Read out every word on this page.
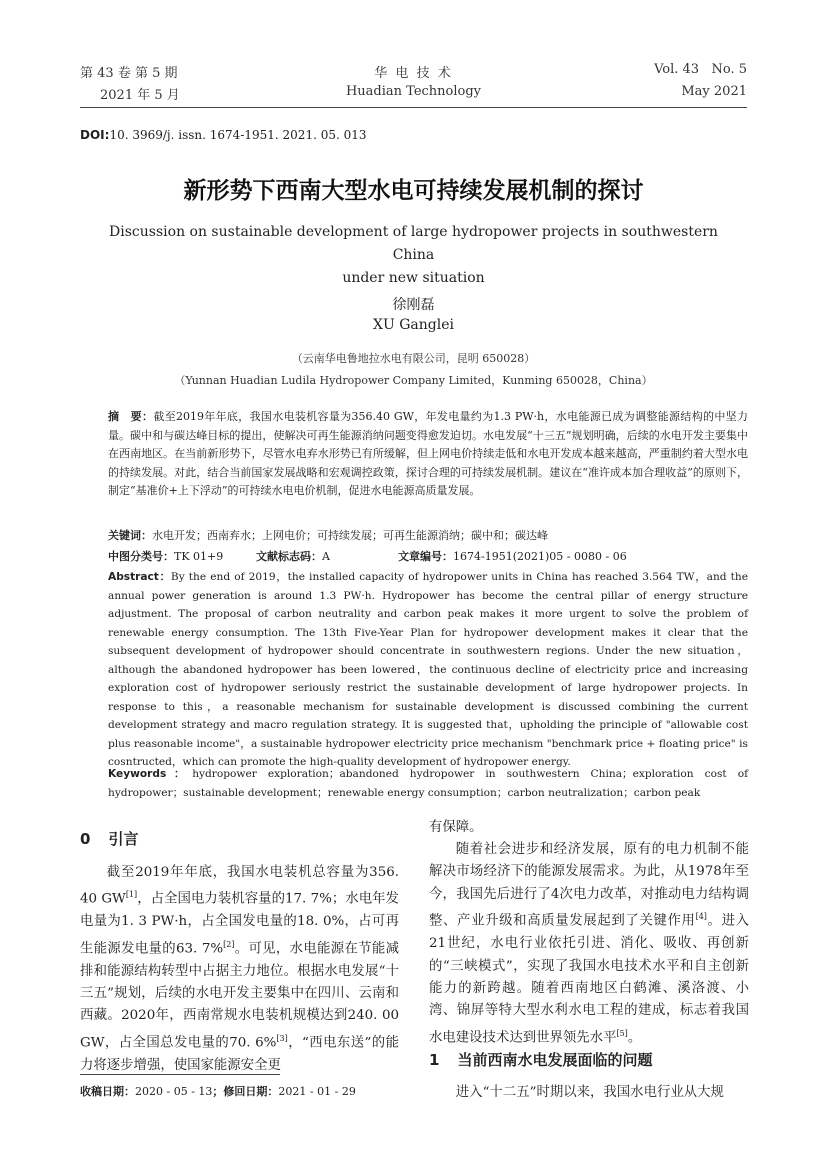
第 43 卷 第 5 期
2021 年 5 月
华 电 技 术
Huadian Technology
Vol. 43   No. 5
May 2021
DOI:10. 3969/j. issn. 1674-1951. 2021. 05. 013
新形势下西南大型水电可持续发展机制的探讨
Discussion on sustainable development of large hydropower projects in southwestern China
under new situation
徐刚磊
XU Ganglei
（云南华电鲁地拉水电有限公司，昆明 650028）
（Yunnan Huadian Ludila Hydropower Company Limited，Kunming 650028，China）
摘　要：截至2019年年底，我国水电装机容量为356.40 GW，年发电量约为1.3 PW·h，水电能源已成为调整能源结构的中坚力量。碳中和与碳达峰目标的提出，使解决可再生能源消纳问题变得愈发迫切。水电发展“十三五”规划明确，后续的水电开发主要集中在西南地区。在当前新形势下，尽管水电弃水形势已有所缓解，但上网电价持续走低和水电开发成本越来越高，严重制约着大型水电的持续发展。对此，结合当前国家发展战略和宏观调控政策，探讨合理的可持续发展机制。建议在“准许成本加合理收益”的原则下，制定“基准价+上下浮动”的可持续水电电价机制，促进水电能源高质量发展。
关键词：水电开发；西南弃水；上网电价；可持续发展；可再生能源消纳；碳中和；碳达峰
中图分类号：TK 01+9	文献标志码：A	文章编号：1674-1951(2021)05 - 0080 - 06
Abstract：By the end of 2019，the installed capacity of hydropower units in China has reached 3.564 TW，and the annual power generation is around 1.3 PW·h. Hydropower has become the central pillar of energy structure adjustment. The proposal of carbon neutrality and carbon peak makes it more urgent to solve the problem of renewable energy consumption. The 13th Five-Year Plan for hydropower development makes it clear that the subsequent development of hydropower should concentrate in southwestern regions. Under the new situation，although the abandoned hydropower has been lowered，the continuous decline of electricity price and increasing exploration cost of hydropower seriously restrict the sustainable development of large hydropower projects. In response to this，a reasonable mechanism for sustainable development is discussed combining the current development strategy and macro regulation strategy. It is suggested that，upholding the principle of "allowable cost plus reasonable income"，a sustainable hydropower electricity price mechanism "benchmark price + floating price" is cosntructed，which can promote the high-quality development of hydropower energy.
Keywords：hydropower exploration；abandoned hydropower in southwestern China；exploration cost of hydropower；sustainable development；renewable energy consumption；carbon neutralization；carbon peak
0 引言
截至2019年年底，我国水电装机总容量为356. 40 GW[1]，占全国电力装机容量的17. 7%；水电年发电量为1. 3 PW·h，占全国发电量的18. 0%，占可再生能源发电量的63. 7%[2]。可见，水电能源在节能减排和能源结构转型中占据主力地位。根据水电发展“十三五”规划，后续的水电开发主要集中在四川、云南和西藏。2020年，西南常规水电装机规模达到240. 00 GW，占全国总发电量的70. 6%[3]，“西电东送”的能力将逐步增强，使国家能源安全更
有保障。
随着社会进步和经济发展，原有的电力机制不能解决市场经济下的能源发展需求。为此，从1978年至今，我国先后进行了4次电力改革，对推动电力结构调整、产业升级和高质量发展起到了关键作用[4]。进入21世纪，水电行业依托引进、消化、吸收、再创新的“三峡模式”，实现了我国水电技术水平和自主创新能力的新跨越。随着西南地区白鹤滩、溪洛渡、小湾、锦屏等特大型水利水电工程的建成，标志着我国水电建设技术达到世界领先水平[5]。
1 当前西南水电发展面临的问题
进入“十二五”时期以来，我国水电行业从大规
收稿日期：2020 - 05 - 13；修回日期：2021 - 01 - 29
